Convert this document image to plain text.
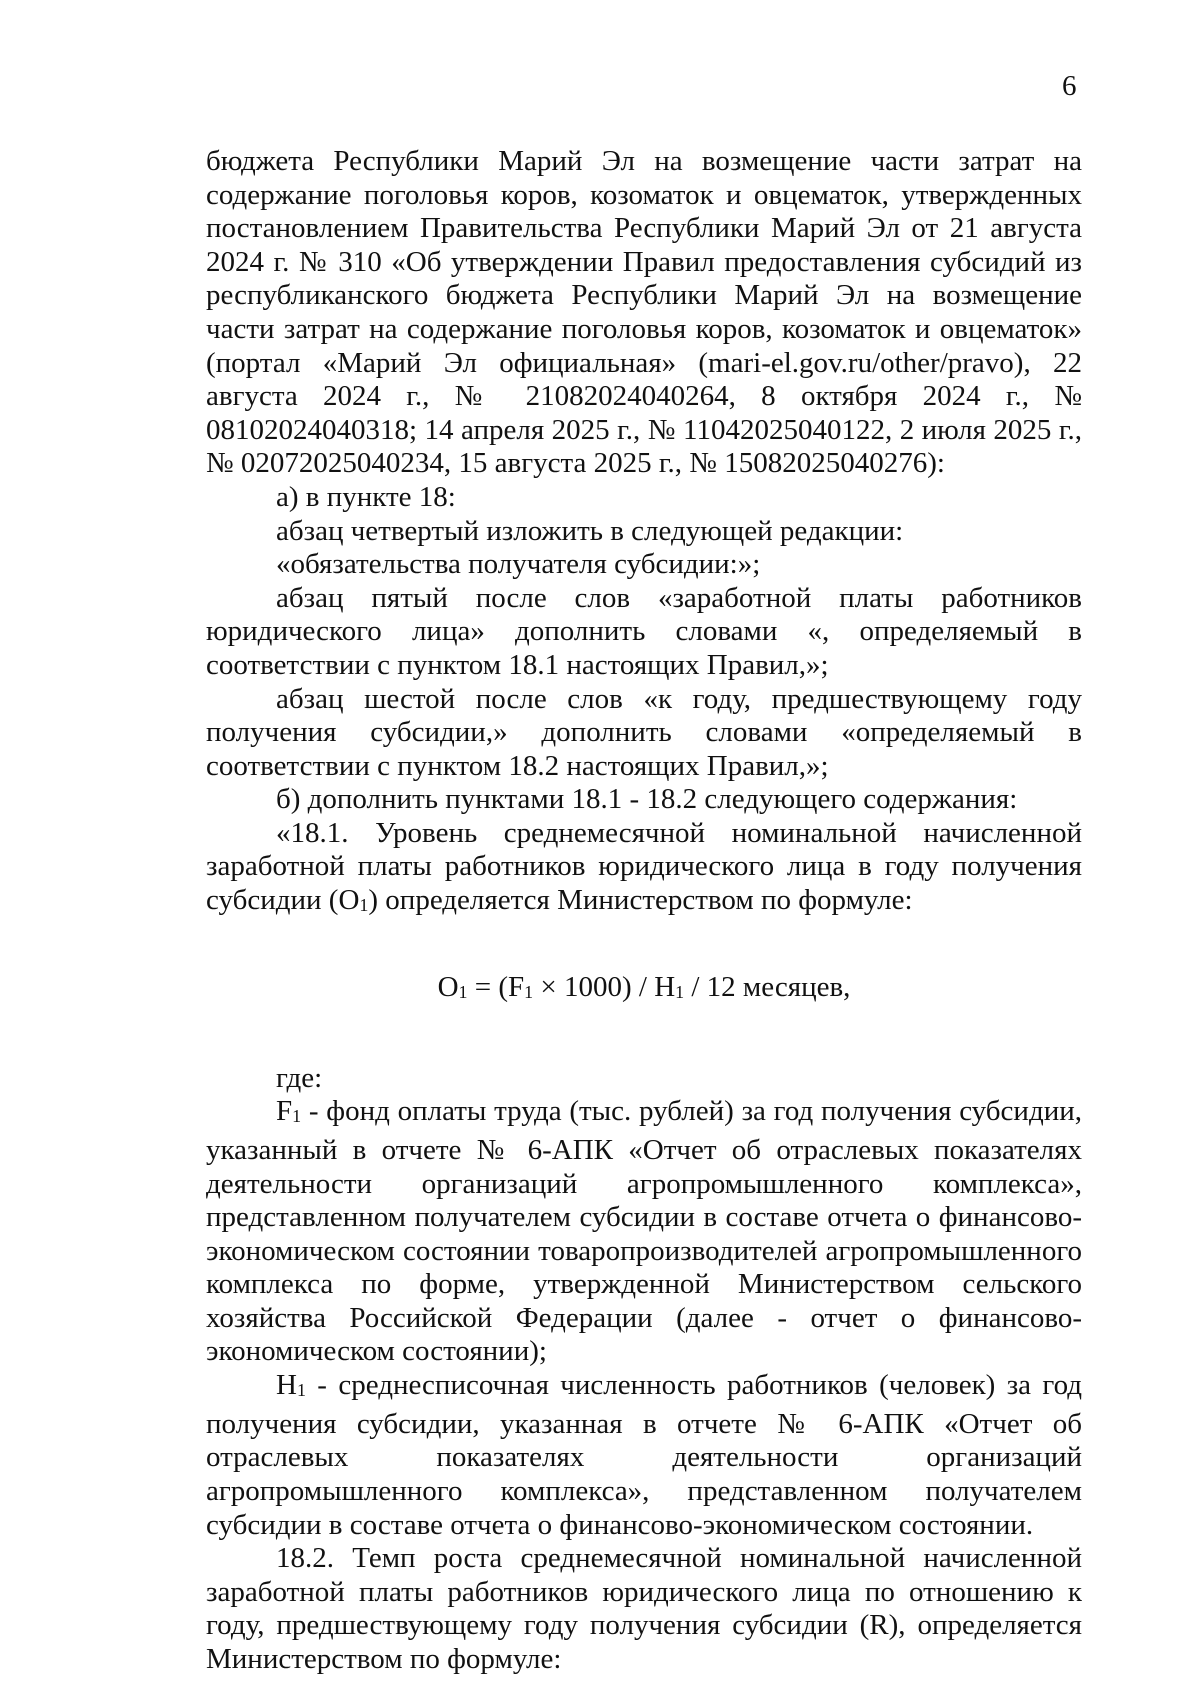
6

бюджета Республики Марий Эл на возмещение части затрат на содержание поголовья коров, козоматок и овцематок, утвержденных постановлением Правительства Республики Марий Эл от 21 августа 2024 г. № 310 «Об утверждении Правил предоставления субсидий из республиканского бюджета Республики Марий Эл на возмещение части затрат на содержание поголовья коров, козоматок и овцематок» (портал «Марий Эл официальная» (mari-el.gov.ru/other/pravo), 22 августа 2024 г., № 21082024040264, 8 октября 2024 г., № 08102024040318; 14 апреля 2025 г., № 11042025040122, 2 июля 2025 г., № 02072025040234, 15 августа 2025 г., № 15082025040276):

а) в пункте 18:

абзац четвертый изложить в следующей редакции:

«обязательства получателя субсидии:»;

абзац пятый после слов «заработной платы работников юридического лица» дополнить словами «, определяемый в соответствии с пунктом 18.1 настоящих Правил,»;

абзац шестой после слов «к году, предшествующему году получения субсидии,» дополнить словами «определяемый в соответствии с пунктом 18.2 настоящих Правил,»;

б) дополнить пунктами 18.1 - 18.2 следующего содержания:

«18.1. Уровень среднемесячной номинальной начисленной заработной платы работников юридического лица в году получения субсидии (О1) определяется Министерством по формуле:

О1 = (F1 × 1000) / Н1 / 12 месяцев,

где:

F1 - фонд оплаты труда (тыс. рублей) за год получения субсидии, указанный в отчете № 6-АПК «Отчет об отраслевых показателях деятельности организаций агропромышленного комплекса», представленном получателем субсидии в составе отчета о финансово-экономическом состоянии товаропроизводителей агропромышленного комплекса по форме, утвержденной Министерством сельского хозяйства Российской Федерации (далее - отчет о финансово-экономическом состоянии);

Н1 - среднесписочная численность работников (человек) за год получения субсидии, указанная в отчете № 6-АПК «Отчет об отраслевых показателях деятельности организаций агропромышленного комплекса», представленном получателем субсидии в составе отчета о финансово-экономическом состоянии.

18.2. Темп роста среднемесячной номинальной начисленной заработной платы работников юридического лица по отношению к году, предшествующему году получения субсидии (R), определяется Министерством по формуле:
